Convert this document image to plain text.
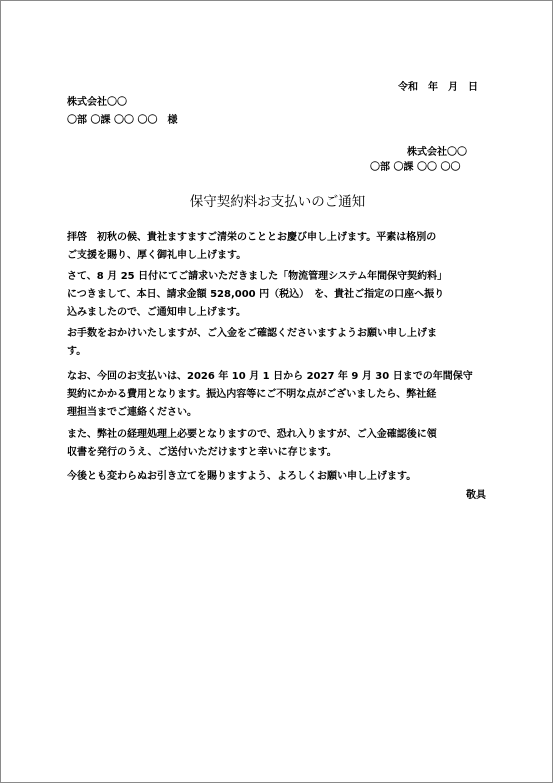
令和　年　月　日
株式会社〇〇
〇部 〇課 〇〇 〇〇　様
株式会社〇〇
〇部 〇課 〇〇 〇〇
保守契約料お支払いのご通知
拝啓　初秋の候、貴社ますますご清栄のこととお慶び申し上げます。平素は格別の
ご支援を賜り、厚く御礼申し上げます。
さて、8 月 25 日付にてご請求いただきました「物流管理システム年間保守契約料」
につきまして、本日、請求金額 528,000 円（税込）　を、貴社ご指定の口座へ振り
込みましたので、ご通知申し上げます。
お手数をおかけいたしますが、ご入金をご確認くださいますようお願い申し上げま
す。
なお、今回のお支払いは、2026 年 10 月 1 日から 2027 年 9 月 30 日までの年間保守
契約にかかる費用となります。振込内容等にご不明な点がございましたら、弊社経
理担当までご連絡ください。
また、弊社の経理処理上必要となりますので、恐れ入りますが、ご入金確認後に領
収書を発行のうえ、ご送付いただけますと幸いに存じます。
今後とも変わらぬお引き立てを賜りますよう、よろしくお願い申し上げます。
敬具
